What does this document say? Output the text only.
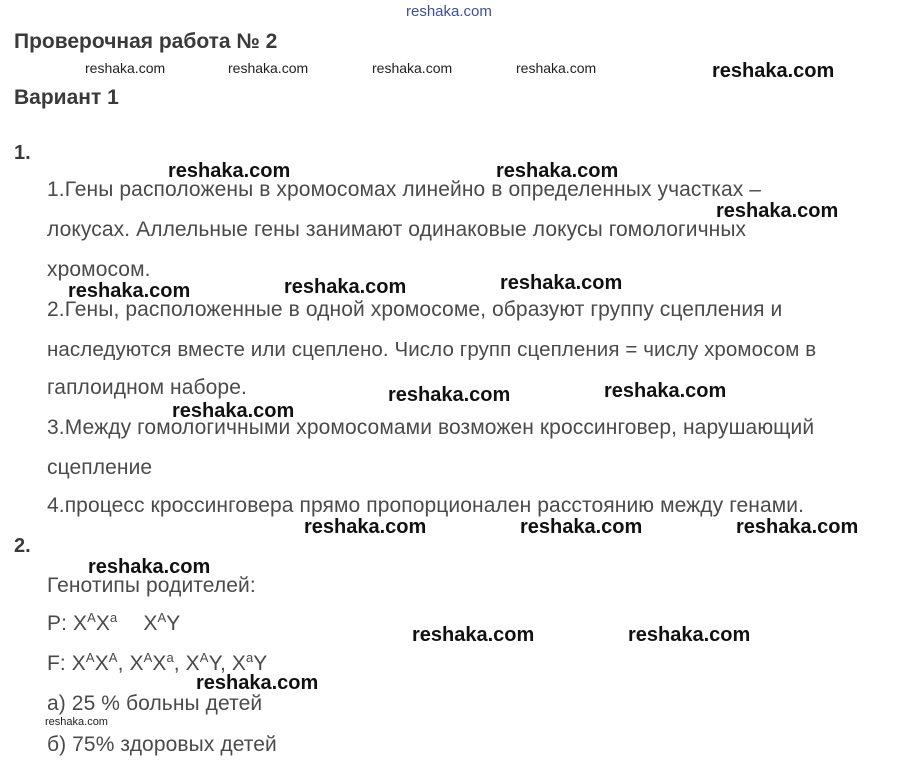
reshaka.com
Проверочная работа № 2
Вариант 1
reshaka.com	reshaka.com	reshaka.com	reshaka.com	reshaka.com
1.
1.Гены расположены в хромосомах линейно в определенных участках –
локусах. Аллельные гены занимают одинаковые локусы гомологичных
хромосом.
2.Гены, расположенные в одной хромосоме, образуют группу сцепления и
наследуются вместе или сцеплено. Число групп сцепления = числу хромосом в
гаплоидном наборе.
3.Между гомологичными хромосомами возможен кроссинговер, нарушающий
сцепление
4.процесс кроссинговера прямо пропорционален расстоянию между генами.
2.
Генотипы родителей:
P: $X^AX^a$ $X^AY$
F: $X^AX^A$, $X^AX^a$, $X^AY$, $X^aY$
а) 25 % больны детей
б) 75% здоровых детей
reshaka.com	reshaka.com
reshaka.com
reshaka.com	reshaka.com
reshaka.com
reshaka.com	reshaka.com
reshaka.com
reshaka.com	reshaka.com	reshaka.com
reshaka.com
reshaka.com	reshaka.com
reshaka.com
reshaka.com
